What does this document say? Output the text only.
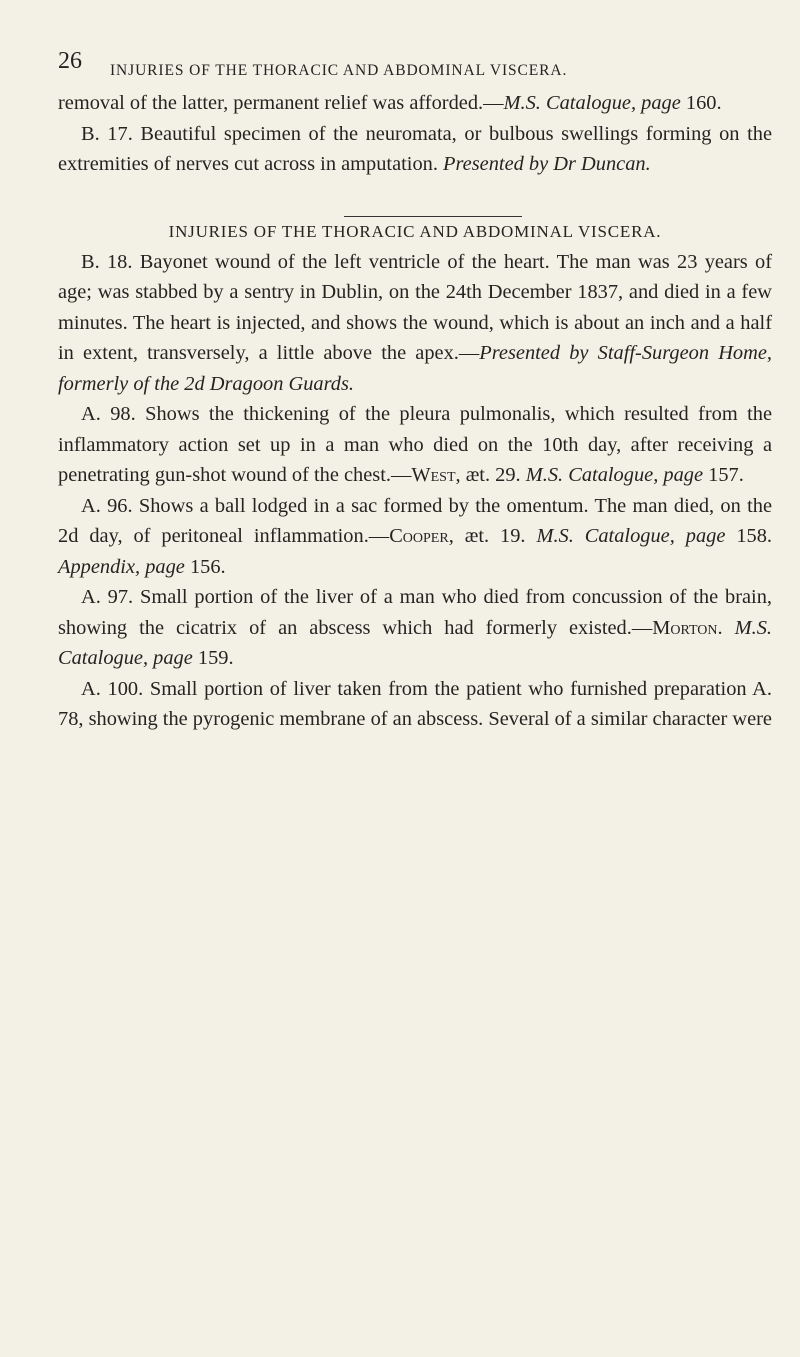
26 INJURIES OF THE THORACIC AND ABDOMINAL VISCERA.

removal of the latter, permanent relief was afforded.—M.S. Catalogue, page 160.

B. 17. Beautiful specimen of the neuromata, or bulbous swellings forming on the extremities of nerves cut across in amputation. Presented by Dr Duncan.

INJURIES OF THE THORACIC AND ABDOMINAL VISCERA.

B. 18. Bayonet wound of the left ventricle of the heart. The man was 23 years of age; was stabbed by a sentry in Dublin, on the 24th December 1837, and died in a few minutes. The heart is injected, and shows the wound, which is about an inch and a half in extent, transversely, a little above the apex.—Presented by Staff-Surgeon Home, formerly of the 2d Dragoon Guards.

A. 98. Shows the thickening of the pleura pulmonalis, which resulted from the inflammatory action set up in a man who died on the 10th day, after receiving a penetrating gun-shot wound of the chest.—West, æt. 29. M.S. Catalogue, page 157.

A. 96. Shows a ball lodged in a sac formed by the omentum. The man died, on the 2d day, of peritoneal inflammation.—Cooper, æt. 19. M.S. Catalogue, page 158. Appendix, page 156.

A. 97. Small portion of the liver of a man who died from concussion of the brain, showing the cicatrix of an abscess which had formerly existed.—Morton. M.S. Catalogue, page 159.

A. 100. Small portion of liver taken from the patient who furnished preparation A. 78, showing the pyrogenic membrane of an abscess. Several of a similar character were
